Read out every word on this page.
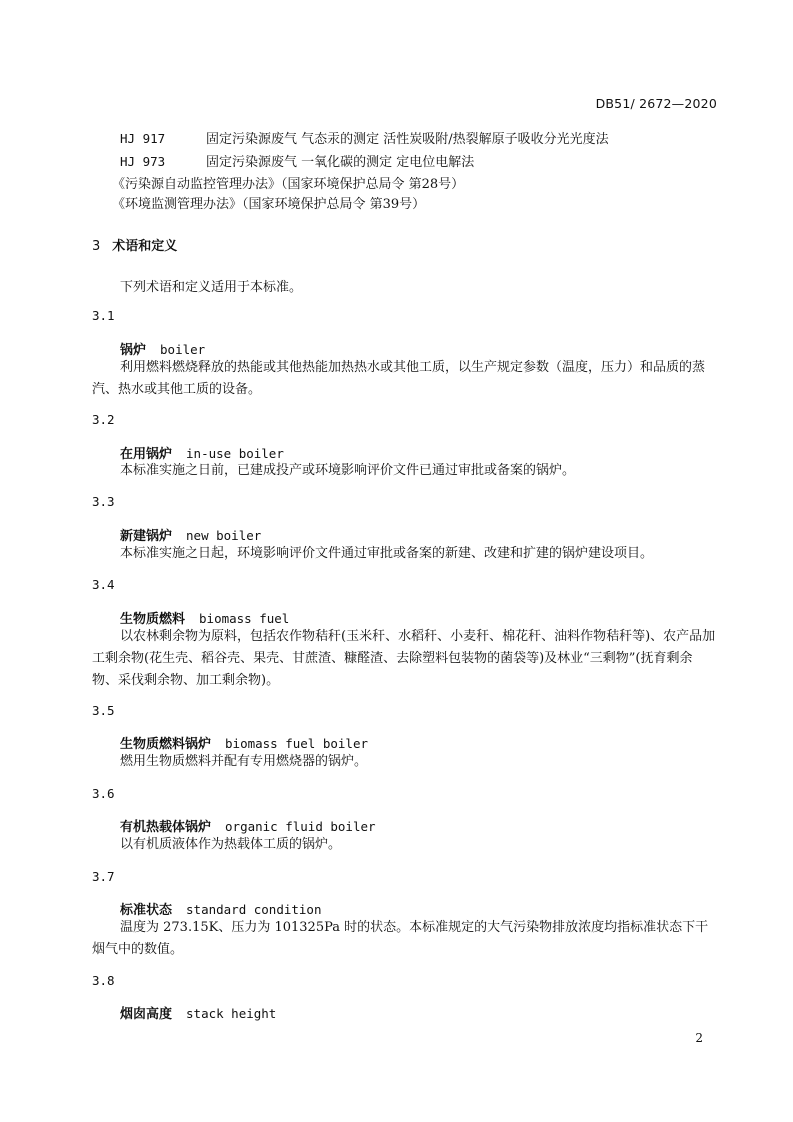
DB51/ 2672—2020
HJ 917	固定污染源废气 气态汞的测定 活性炭吸附/热裂解原子吸收分光光度法
HJ 973	固定污染源废气 一氧化碳的测定 定电位电解法
《污染源自动监控管理办法》（国家环境保护总局令 第28号）
《环境监测管理办法》（国家环境保护总局令 第39号）
3 术语和定义
下列术语和定义适用于本标准。
3.1
锅炉 boiler
利用燃料燃烧释放的热能或其他热能加热热水或其他工质，以生产规定参数（温度，压力）和品质的蒸汽、热水或其他工质的设备。
3.2
在用锅炉 in-use boiler
本标准实施之日前，已建成投产或环境影响评价文件已通过审批或备案的锅炉。
3.3
新建锅炉 new boiler
本标准实施之日起，环境影响评价文件通过审批或备案的新建、改建和扩建的锅炉建设项目。
3.4
生物质燃料 biomass fuel
以农林剩余物为原料，包括农作物秸秆(玉米秆、水稻秆、小麦秆、棉花秆、油料作物秸秆等)、农产品加工剩余物(花生壳、稻谷壳、果壳、甘蔗渣、糠醛渣、去除塑料包装物的菌袋等)及林业“三剩物”(抚育剩余物、采伐剩余物、加工剩余物)。
3.5
生物质燃料锅炉 biomass fuel boiler
燃用生物质燃料并配有专用燃烧器的锅炉。
3.6
有机热载体锅炉 organic fluid boiler
以有机质液体作为热载体工质的锅炉。
3.7
标准状态 standard condition
温度为 273.15K、压力为 101325Pa 时的状态。本标准规定的大气污染物排放浓度均指标准状态下干烟气中的数值。
3.8
烟囱高度 stack height
2
